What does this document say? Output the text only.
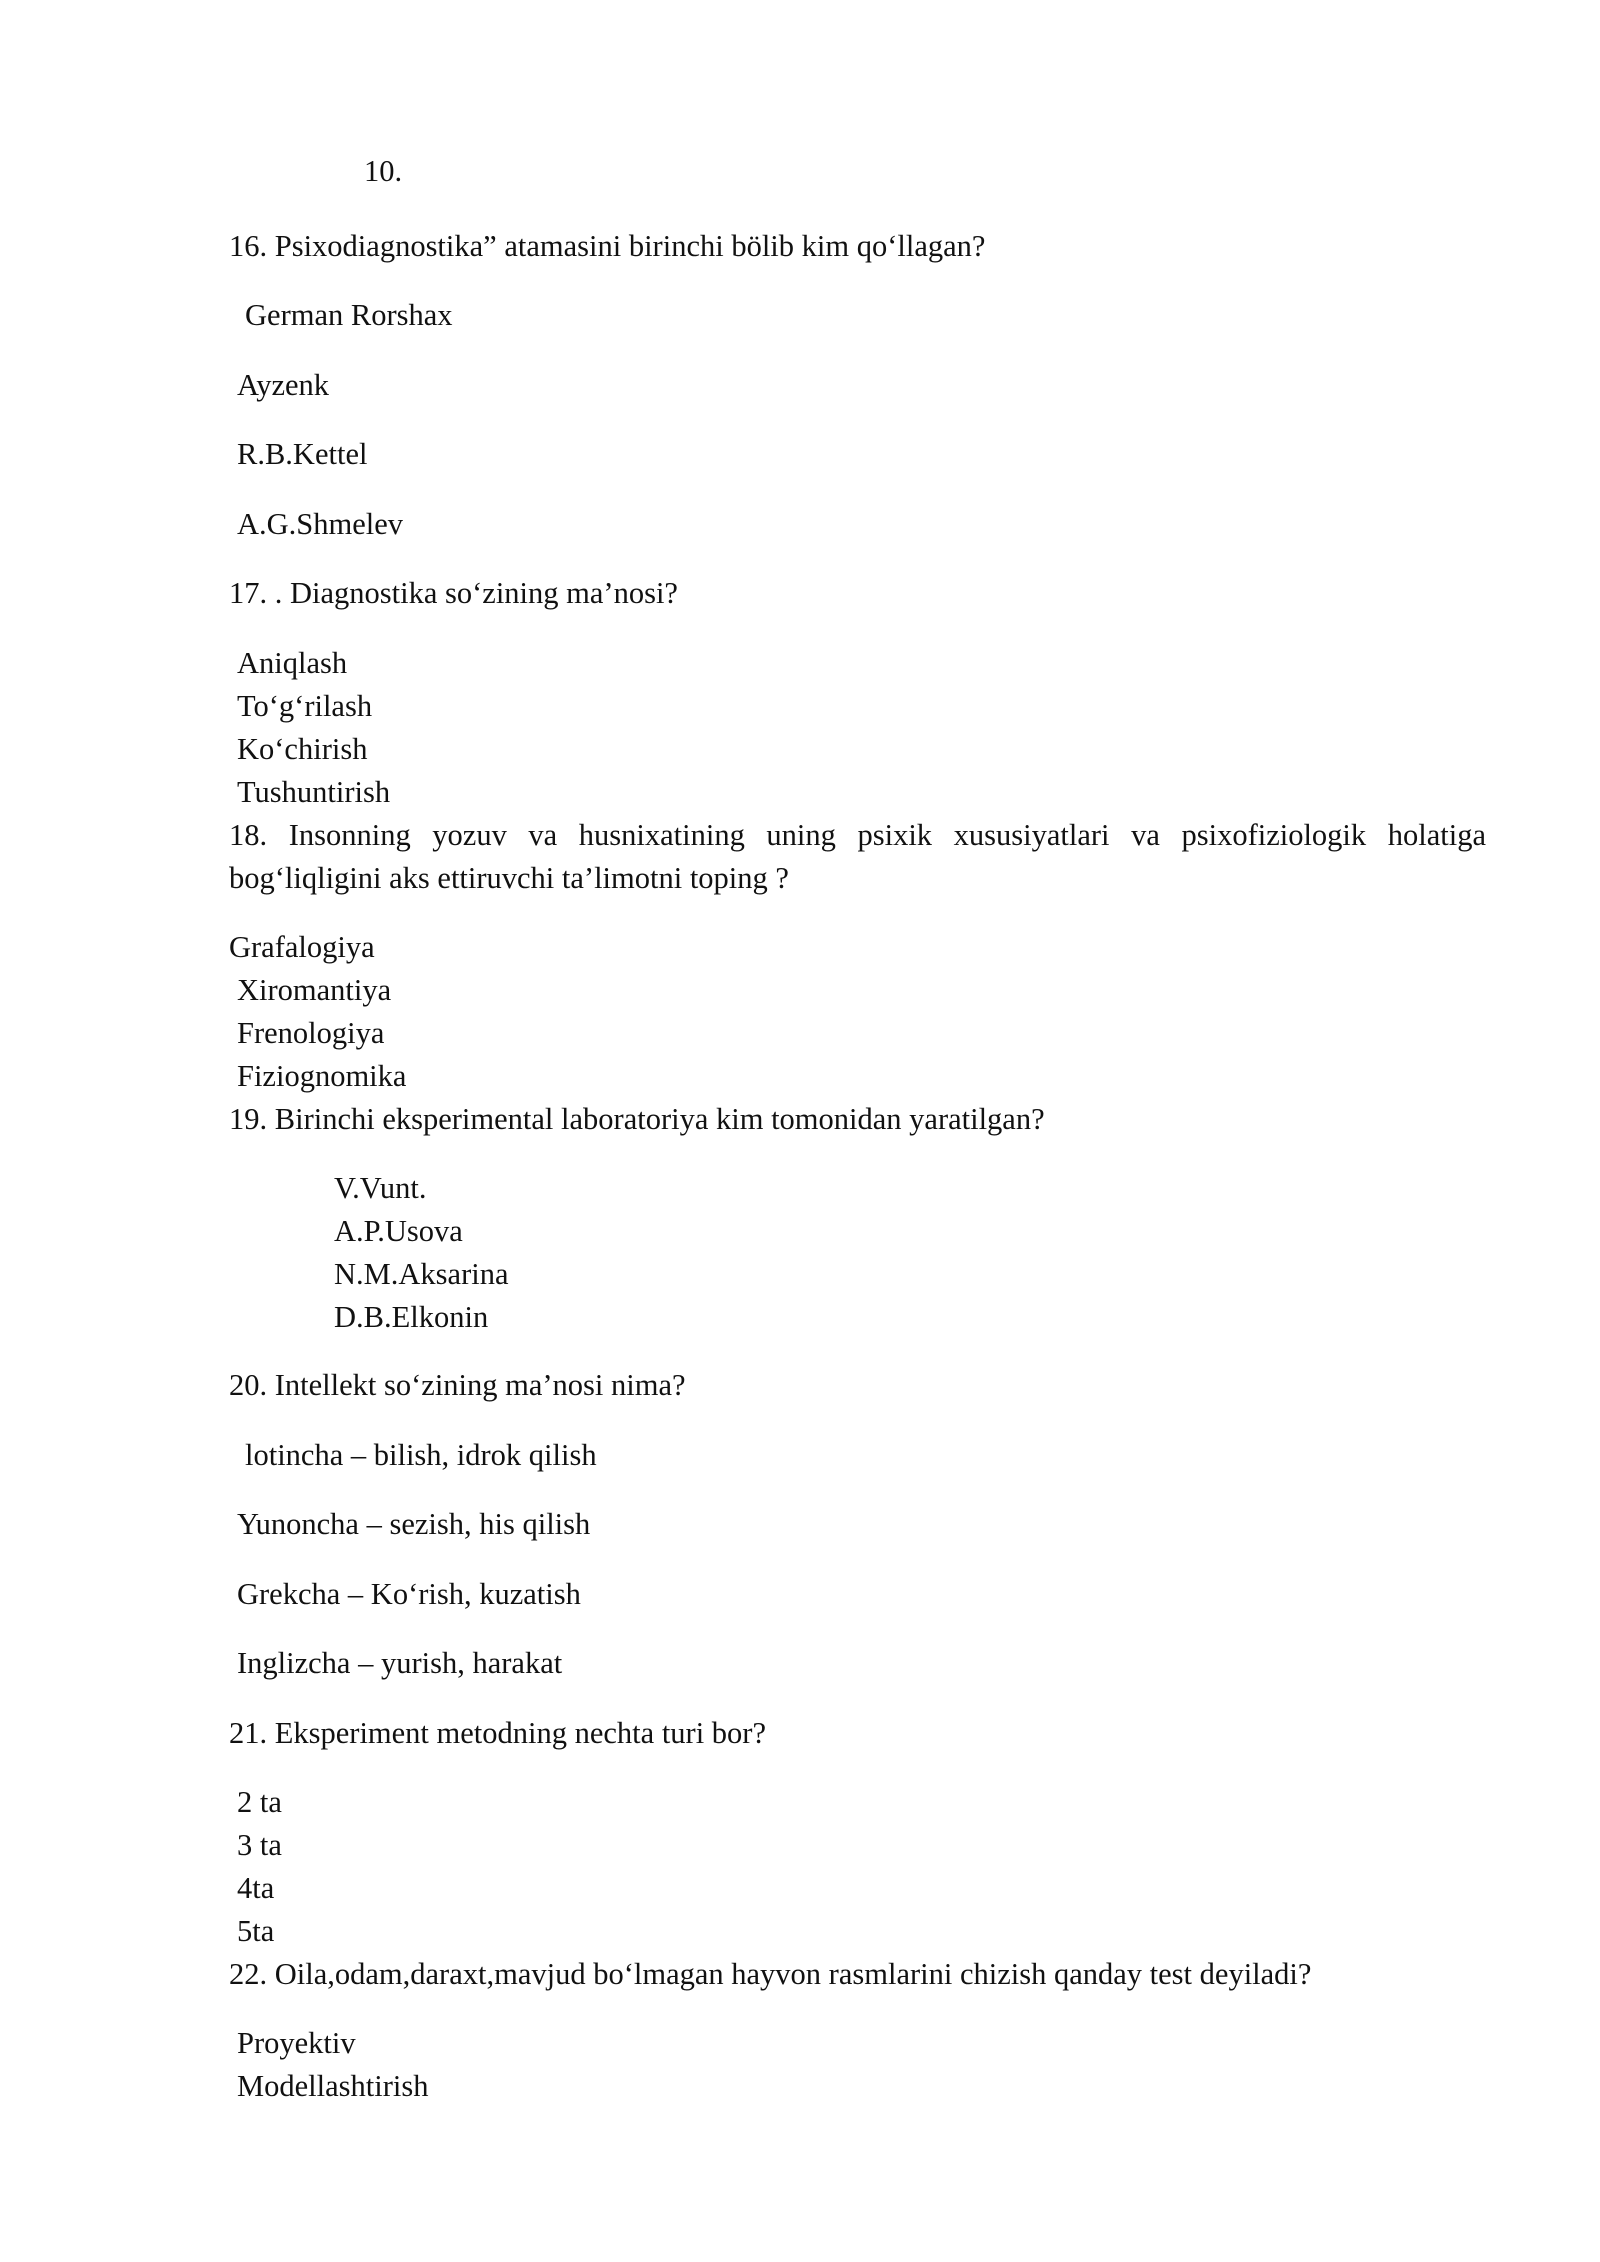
10.
16. Psixodiagnostika” atamasini birinchi bölib kim qo‘llagan?
German Rorshax
Ayzenk
R.B.Kettel
A.G.Shmelev
17. . Diagnostika so‘zining ma’nosi?
Aniqlash
To‘g‘rilash
Ko‘chirish
Tushuntirish
18. Insonning yozuv va husnixatining uning psixik xususiyatlari va psixofiziologik holatiga
bog‘liqligini aks ettiruvchi ta’limotni toping ?
Grafalogiya
Xiromantiya
Frenologiya
Fiziognomika
19. Birinchi eksperimental laboratoriya kim tomonidan yaratilgan?
V.Vunt.
A.P.Usova
N.M.Aksarina
D.B.Elkonin
20. Intellekt so‘zining ma’nosi nima?
lotincha – bilish, idrok qilish
Yunoncha – sezish, his qilish
Grekcha – Ko‘rish, kuzatish
Inglizcha – yurish, harakat
21. Eksperiment metodning nechta turi bor?
2 ta
3 ta
4ta
5ta
22. Oila,odam,daraxt,mavjud bo‘lmagan hayvon rasmlarini chizish qanday test deyiladi?
Proyektiv
Modellashtirish
